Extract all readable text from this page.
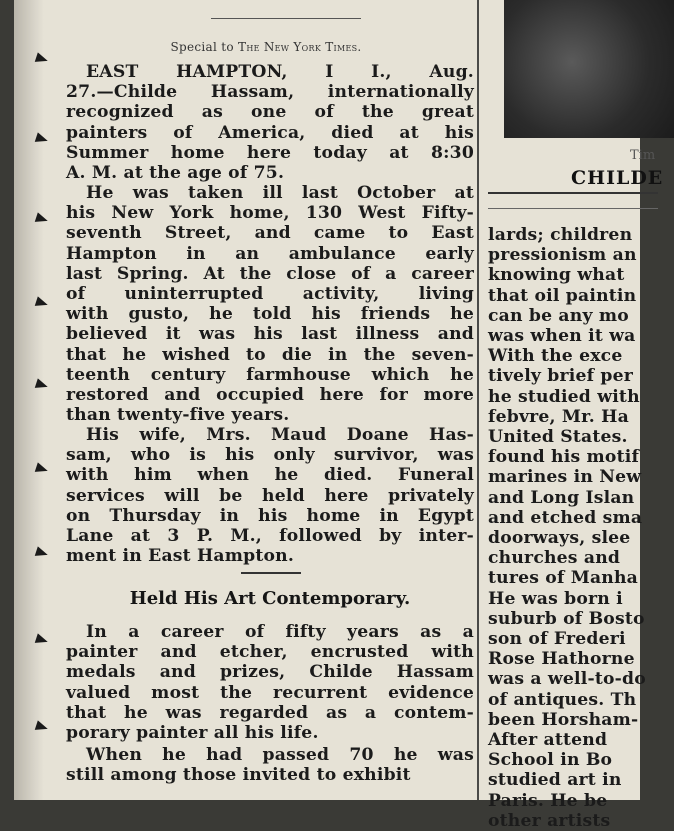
Special to The New York Times.
EAST HAMPTON, I I., Aug.
27.—Childe Hassam, internationally
recognized as one of the great
painters of America, died at his
Summer home here today at 8:30
A. M. at the age of 75.
He was taken ill last October at
his New York home, 130 West Fifty-
seventh Street, and came to East
Hampton in an ambulance early
last Spring. At the close of a career
of uninterrupted activity, living
with gusto, he told his friends he
believed it was his last illness and
that he wished to die in the seven-
teenth century farmhouse which he
restored and occupied here for more
than twenty-five years.
His wife, Mrs. Maud Doane Has-
sam, who is his only survivor, was
with him when he died. Funeral
services will be held here privately
on Thursday in his home in Egypt
Lane at 3 P. M., followed by inter-
ment in East Hampton.
Held His Art Contemporary.
In a career of fifty years as a
painter and etcher, encrusted with
medals and prizes, Childe Hassam
valued most the recurrent evidence
that he was regarded as a contem-
porary painter all his life.
When he had passed 70 he was
still among those invited to exhibit
Tim
CHILDE
lards; children
pressionism an
knowing what
that oil paintin
can be any mo
was when it wa
With the exce
tively brief per
he studied with
febvre, Mr. Ha
United States.
found his motif
marines in New
and Long Islan
and etched sma
doorways, slee
churches and
tures of Manha
He was born i
suburb of Bosto
son of Frederi
Rose Hathorne
was a well-to-do
of antiques. Th
been Horsham-
After attend
School in Bo
studied art in
Paris. He be
other artists
